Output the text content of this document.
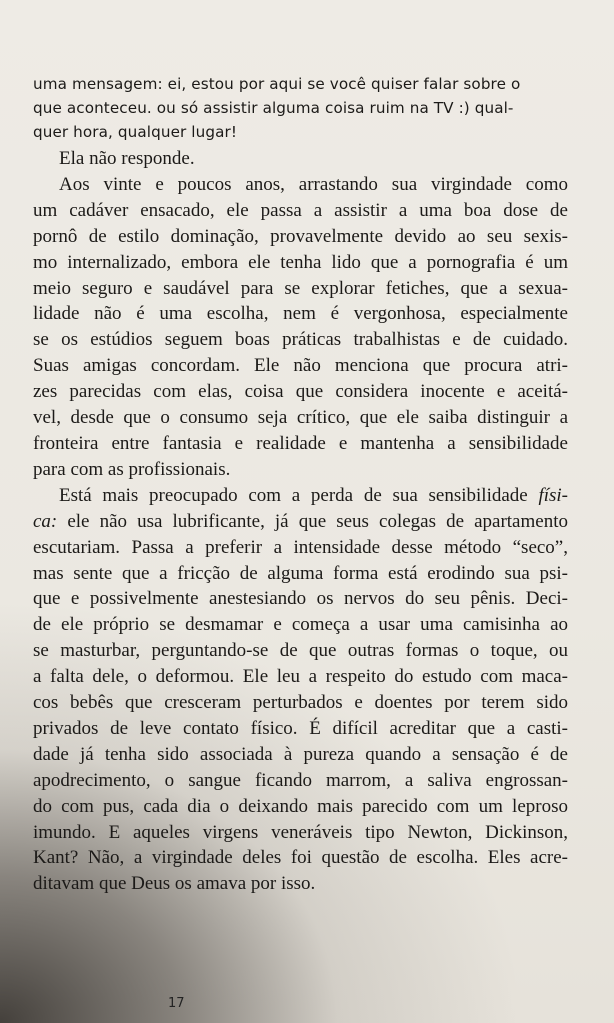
uma mensagem: ei, estou por aqui se você quiser falar sobre o
que aconteceu. ou só assistir alguma coisa ruim na TV :) qual-
quer hora, qualquer lugar!
Ela não responde.
Aos vinte e poucos anos, arrastando sua virgindade como
um cadáver ensacado, ele passa a assistir a uma boa dose de
pornô de estilo dominação, provavelmente devido ao seu sexis-
mo internalizado, embora ele tenha lido que a pornografia é um
meio seguro e saudável para se explorar fetiches, que a sexua-
lidade não é uma escolha, nem é vergonhosa, especialmente
se os estúdios seguem boas práticas trabalhistas e de cuidado.
Suas amigas concordam. Ele não menciona que procura atri-
zes parecidas com elas, coisa que considera inocente e aceitá-
vel, desde que o consumo seja crítico, que ele saiba distinguir a
fronteira entre fantasia e realidade e mantenha a sensibilidade
para com as profissionais.
Está mais preocupado com a perda de sua sensibilidade físi-
ca: ele não usa lubrificante, já que seus colegas de apartamento
escutariam. Passa a preferir a intensidade desse método “seco”,
mas sente que a fricção de alguma forma está erodindo sua psi-
que e possivelmente anestesiando os nervos do seu pênis. Deci-
de ele próprio se desmamar e começa a usar uma camisinha ao
se masturbar, perguntando-se de que outras formas o toque, ou
a falta dele, o deformou. Ele leu a respeito do estudo com maca-
cos bebês que cresceram perturbados e doentes por terem sido
privados de leve contato físico. É difícil acreditar que a casti-
dade já tenha sido associada à pureza quando a sensação é de
apodrecimento, o sangue ficando marrom, a saliva engrossan-
do com pus, cada dia o deixando mais parecido com um leproso
imundo. E aqueles virgens veneráveis tipo Newton, Dickinson,
Kant? Não, a virgindade deles foi questão de escolha. Eles acre-
ditavam que Deus os amava por isso.
17
